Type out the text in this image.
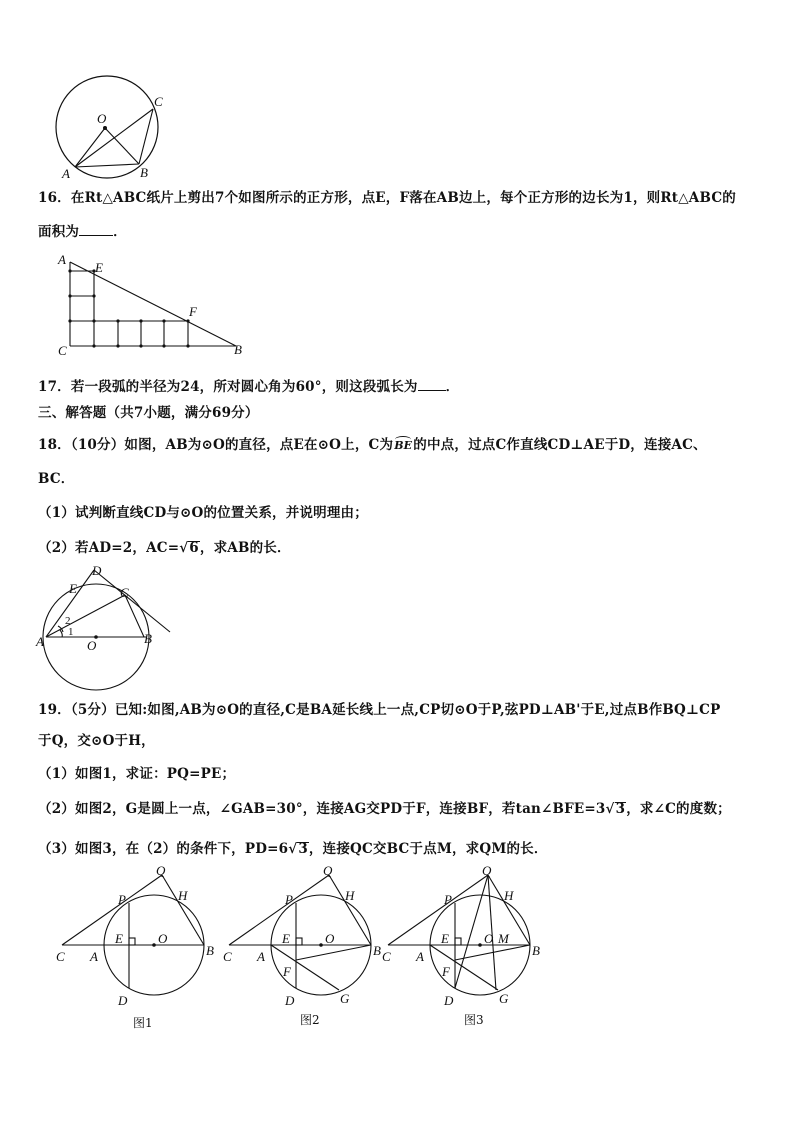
O
A	B
C
16．在Rt△ABC纸片上剪出7个如图所示的正方形，点E，F落在AB边上，每个正方形的边长为1，则Rt△ABC的
面积为	．
A
E
F
C	B
17．若一段弧的半径为24，所对圆心角为60°，则这段弧长为 ．
三、解答题（共7小题，满分69分）
18．（10分）如图，AB为⊙O的直径，点E在⊙O上，C为
BE的中点，过点C作直线CD⊥AE于D，连接AC、
BC．
（1）试判断直线CD与⊙O的位置关系，并说明理由；
（2）若AD=2，AC=√6，求AB的长．
D
E	C
A	O	B
1
2
19．（5分）已知:如图,AB为⊙O的直径,C是BA延长线上一点,CP切⊙O于P,弦PD⊥AB'于E,过点B作BQ⊥CP
于Q，交⊙O于H，
（1）如图1，求证：PQ=PE；
（2）如图2，G是圆上一点，∠GAB=30°，连接AG交PD于F，连接BF，若tan∠BFE=3√3，求∠C的度数；
（3）如图3，在（2）的条件下，PD=6√3，连接QC交BC于点M，求QM的长．
Q
P	H
C A
E	O
B
D
图1
Q
P	H
C A
E	O
B
F
D	G
图2
Q
P	H
C A
E	O M
B
F
D	G
图3
